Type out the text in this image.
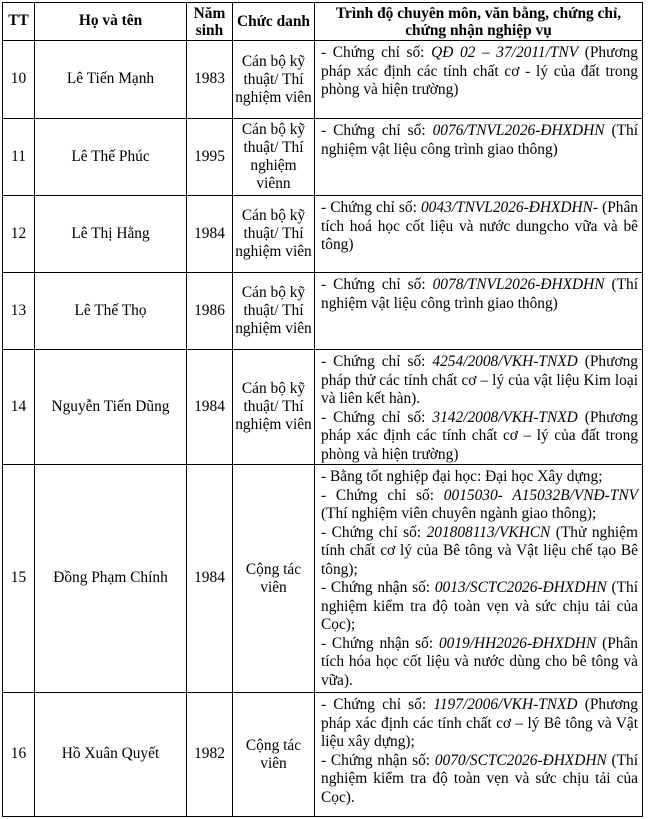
TT	Họ và tên	Năm sinh	Chức danh	Trình độ chuyên môn, văn bằng, chứng chỉ, chứng nhận nghiệp vụ
10	Lê Tiến Mạnh	1983	Cán bộ kỹ thuật/ Thí nghiệm viên	- Chứng chỉ số: QĐ 02 – 37/2011/TNV (Phương pháp xác định các tính chất cơ - lý của đất trong phòng và hiện trường)

11	Lê Thế Phúc	1995	Cán bộ kỹ thuật/ Thí nghiệm viênn	- Chứng chỉ số: 0076/TNVL2026-ĐHXDHN (Thí nghiệm vật liệu công trình giao thông)

12	Lê Thị Hằng	1984	Cán bộ kỹ thuật/ Thí nghiệm viên	- Chứng chỉ số: 0043/TNVL2026-ĐHXDHN- (Phân tích hoá học cốt liệu và nước dungcho vữa và bê tông)

13	Lê Thế Thọ	1986	Cán bộ kỹ thuật/ Thí nghiệm viên	- Chứng chỉ số: 0078/TNVL2026-ĐHXDHN (Thí nghiệm vật liệu công trình giao thông)

14	Nguyễn Tiến Dũng	1984	Cán bộ kỹ thuật/ Thí nghiệm viên	- Chứng chỉ số: 4254/2008/VKH-TNXD (Phương pháp thử các tính chất cơ – lý của vật liệu Kim loại và liên kết hàn).
- Chứng chỉ số: 3142/2008/VKH-TNXD (Phương pháp xác định các tính chất cơ – lý của đất trong phòng và hiện trường)

15	Đồng Phạm Chính	1984	Cộng tác viên	- Bằng tốt nghiệp đại học: Đại học Xây dựng;
- Chứng chỉ số: 0015030- A15032B/VNĐ-TNV (Thí nghiệm viên chuyên ngành giao thông);
- Chứng chỉ số: 201808113/VKHCN (Thử nghiệm tính chất cơ lý của Bê tông và Vật liệu chế tạo Bê tông);
- Chứng nhận số: 0013/SCTC2026-ĐHXDHN (Thí nghiệm kiểm tra độ toàn vẹn và sức chịu tải của Cọc);
- Chứng nhận số: 0019/HH2026-ĐHXDHN (Phân tích hóa học cốt liệu và nước dùng cho bê tông và vữa).

16	Hồ Xuân Quyết	1982	Cộng tác viên	- Chứng chỉ số: 1197/2006/VKH-TNXD (Phương pháp xác định các tính chất cơ – lý Bê tông và Vật liệu xây dựng);
- Chứng nhận số: 0070/SCTC2026-ĐHXDHN (Thí nghiệm kiểm tra độ toàn vẹn và sức chịu tải của Cọc).
